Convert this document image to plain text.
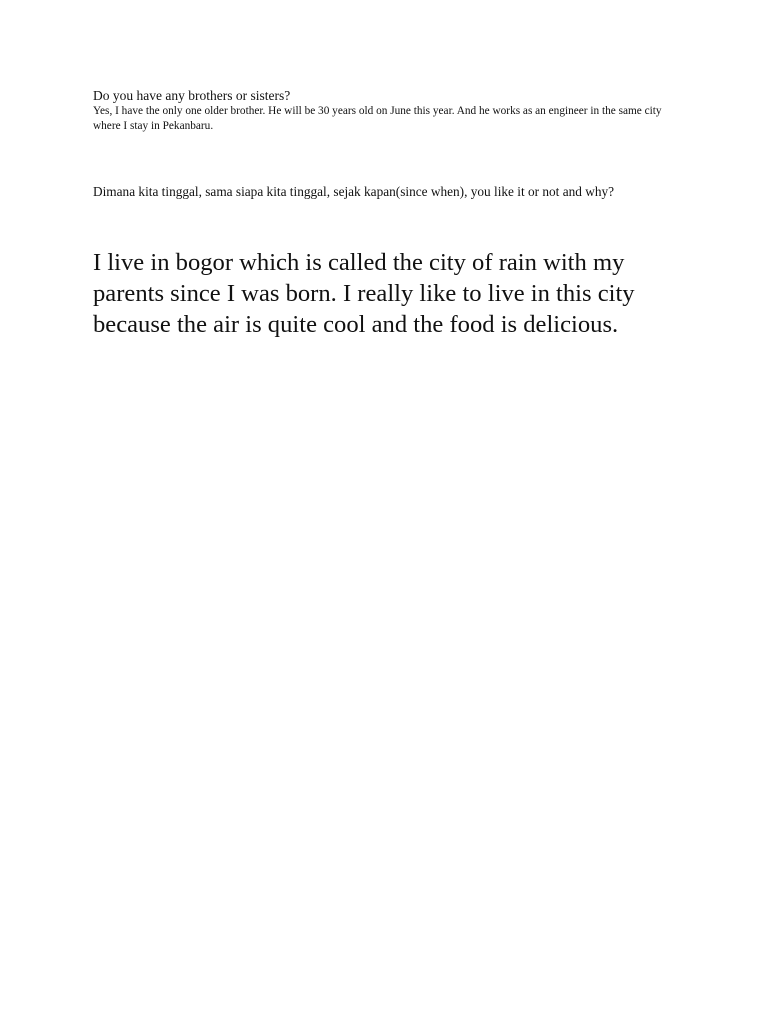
Do you have any brothers or sisters?

Yes, I have the only one older brother. He will be 30 years old on June this year. And he works as an engineer in the same city where I stay in Pekanbaru.

Dimana kita tinggal, sama siapa kita tinggal, sejak kapan(since when), you like it or not and why?

I live in bogor which is called the city of rain with my parents since I was born. I really like to live in this city because the air is quite cool and the food is delicious.
